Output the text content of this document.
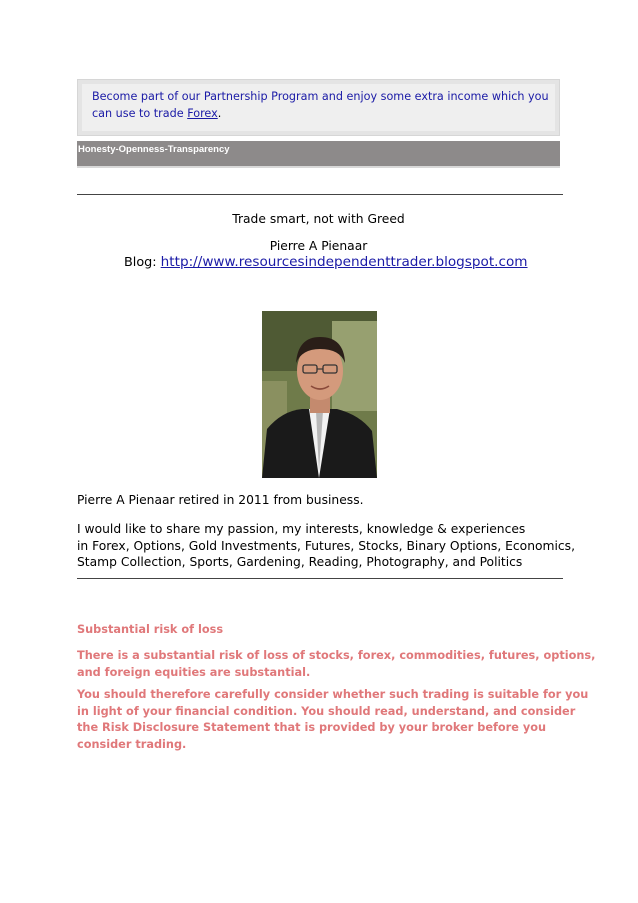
Become part of our Partnership Program and enjoy some extra income which you can use to trade Forex.
Honesty-Openness-Transparency
Trade smart, not with Greed
Pierre A Pienaar
Blog: http://www.resourcesindependenttrader.blogspot.com
Pierre A Pienaar retired in 2011 from business.
I would like to share my passion, my interests, knowledge & experiences
in Forex, Options, Gold Investments, Futures, Stocks, Binary Options, Economics,
Stamp Collection, Sports, Gardening, Reading, Photography, and Politics
Substantial risk of loss
There is a substantial risk of loss of stocks, forex, commodities, futures, options,
and foreign equities are substantial.
You should therefore carefully consider whether such trading is suitable for you
in light of your financial condition. You should read, understand, and consider
the Risk Disclosure Statement that is provided by your broker before you
consider trading.
